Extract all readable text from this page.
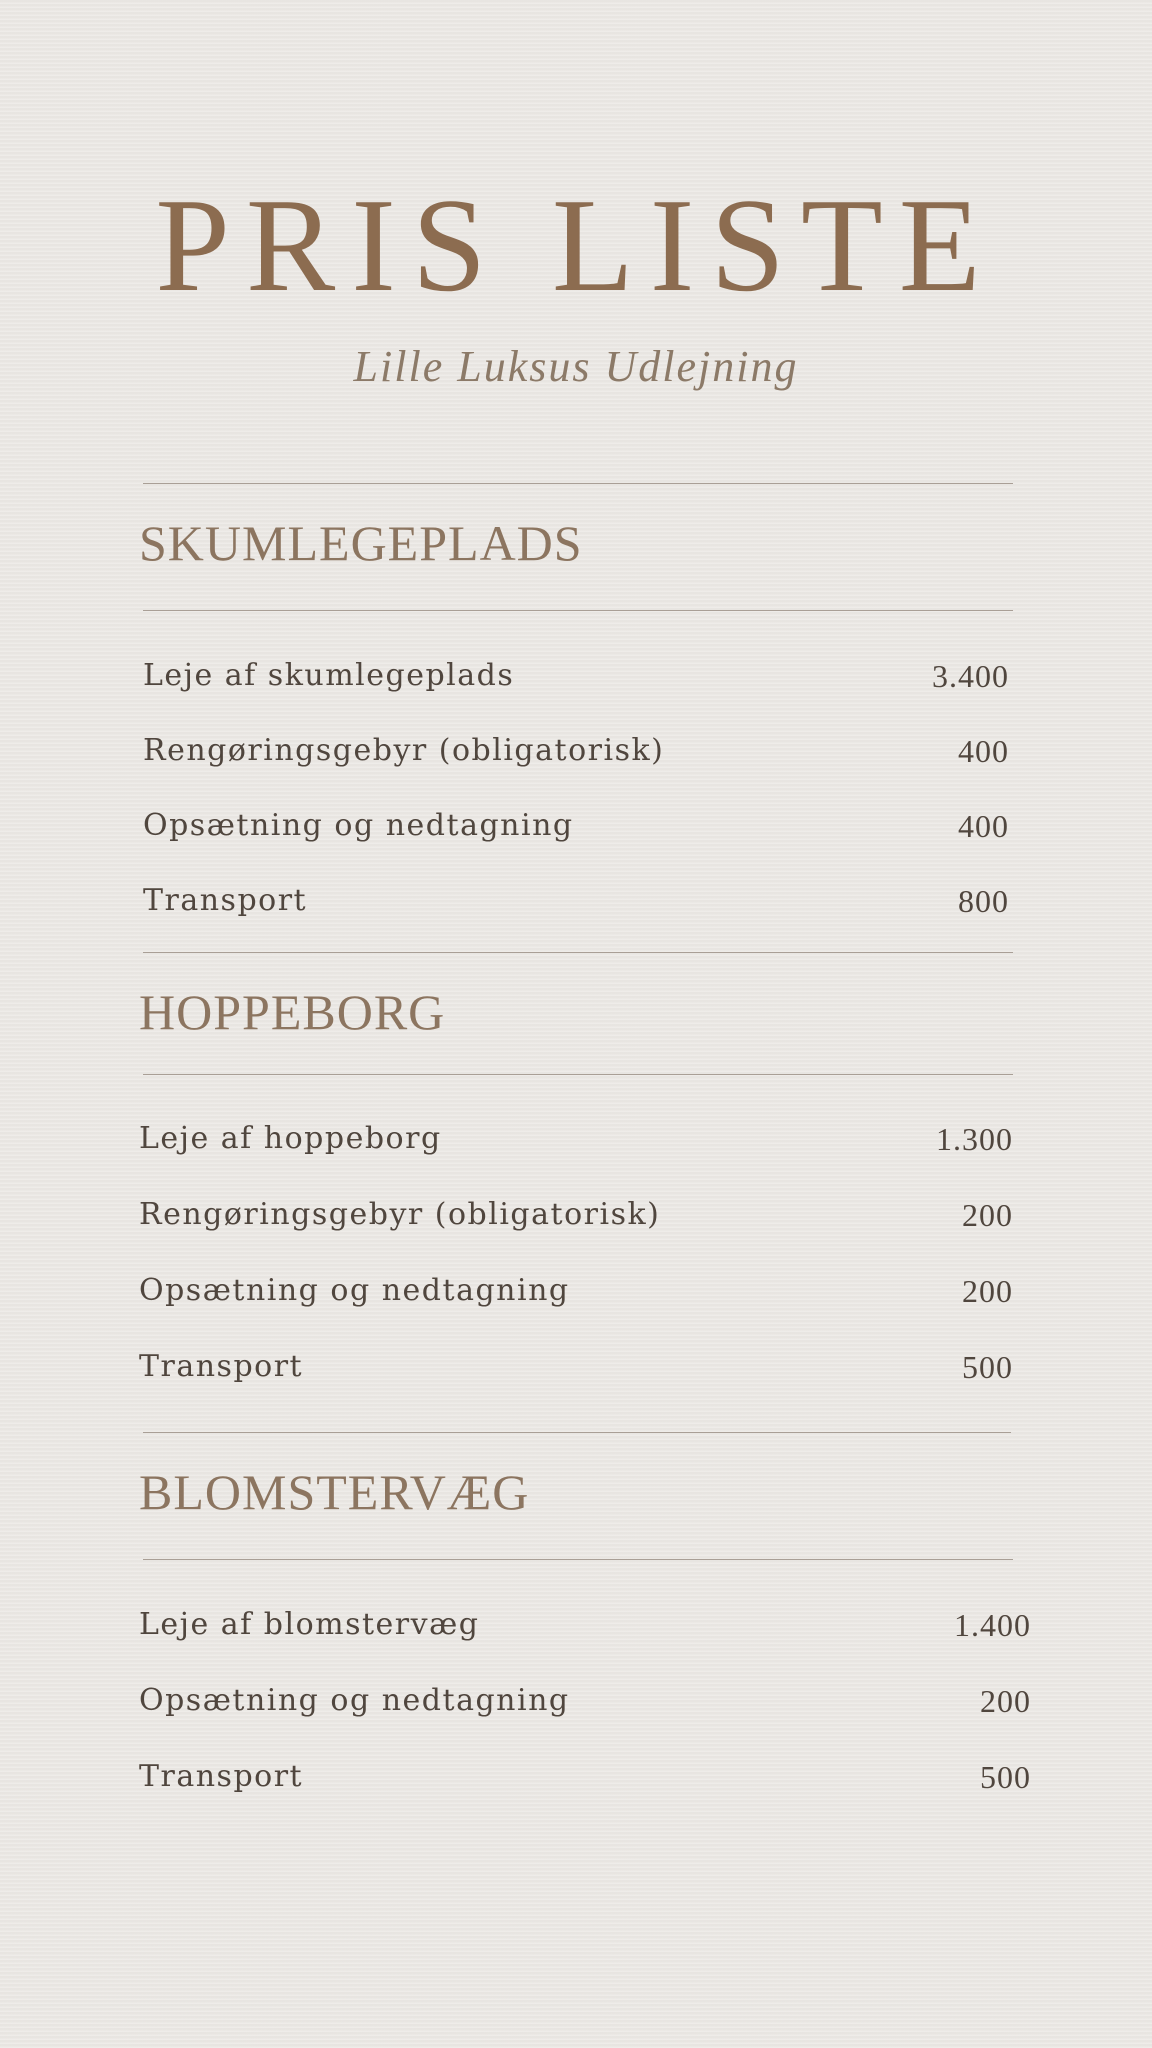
PRIS LISTE
Lille Luksus Udlejning
SKUMLEGEPLADS
Leje af skumlegeplads	3.400
Rengøringsgebyr (obligatorisk)	400
Opsætning og nedtagning	400
Transport	800
HOPPEBORG
Leje af hoppeborg	1.300
Rengøringsgebyr (obligatorisk)	200
Opsætning og nedtagning	200
Transport	500
BLOMSTERVÆG
Leje af blomstervæg	1.400
Opsætning og nedtagning	200
Transport	500
